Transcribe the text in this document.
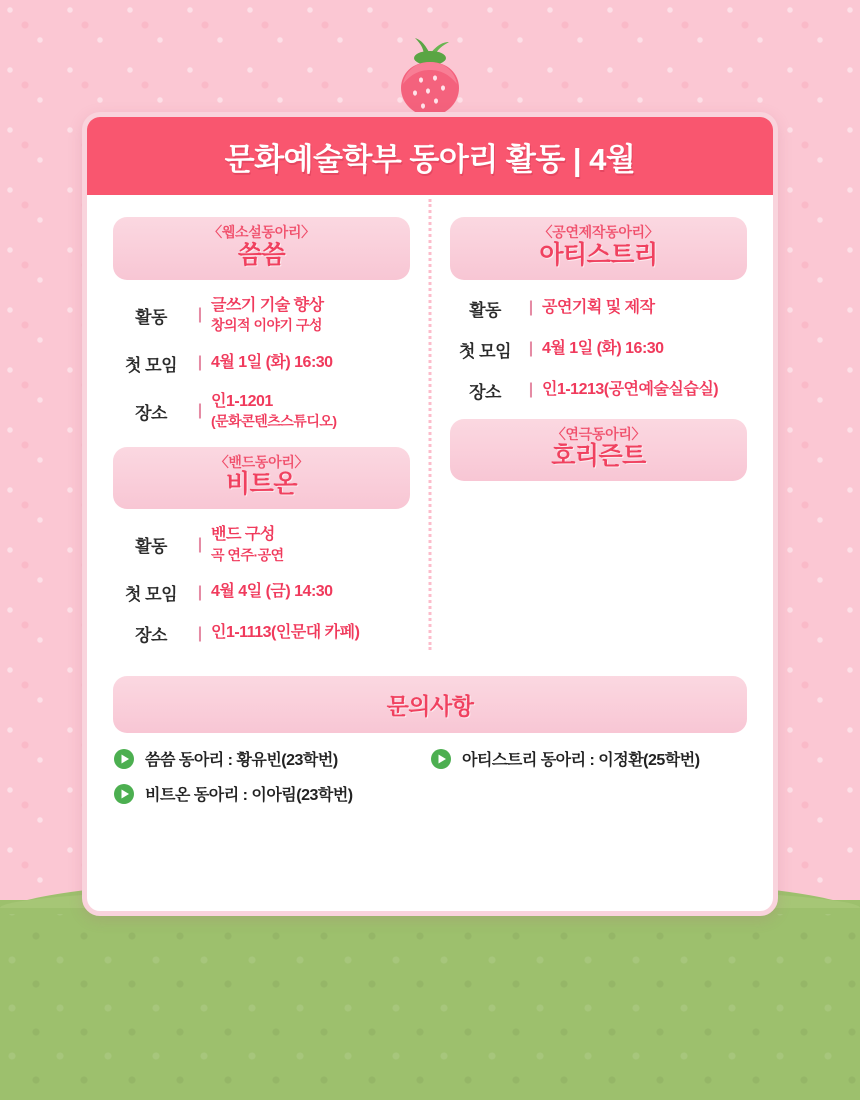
문화예술학부 동아리 활동 | 4월
〈웹소설동아리〉
씀씀
활동	|
글쓰기 기술 향상
창의적 이야기 구성
첫 모임	| 4월 1일 (화) 16:30
장소	|
인1-1201
(문화콘텐츠스튜디오)
〈밴드동아리〉
비트온
활동	|
밴드 구성
곡 연주·공연
첫 모임	| 4월 4일 (금) 14:30
장소	| 인1-1113(인문대 카페)
〈공연제작동아리〉
아티스트리
활동	| 공연기획 및 제작
첫 모임	| 4월 1일 (화) 16:30
장소	| 인1-1213(공연예술실습실)
〈연극동아리〉
호리즌트
문의사항
씀씀 동아리 : 황유빈(23학번)	아티스트리 동아리 : 이정환(25학번)
비트온 동아리 : 이아림(23학번)
